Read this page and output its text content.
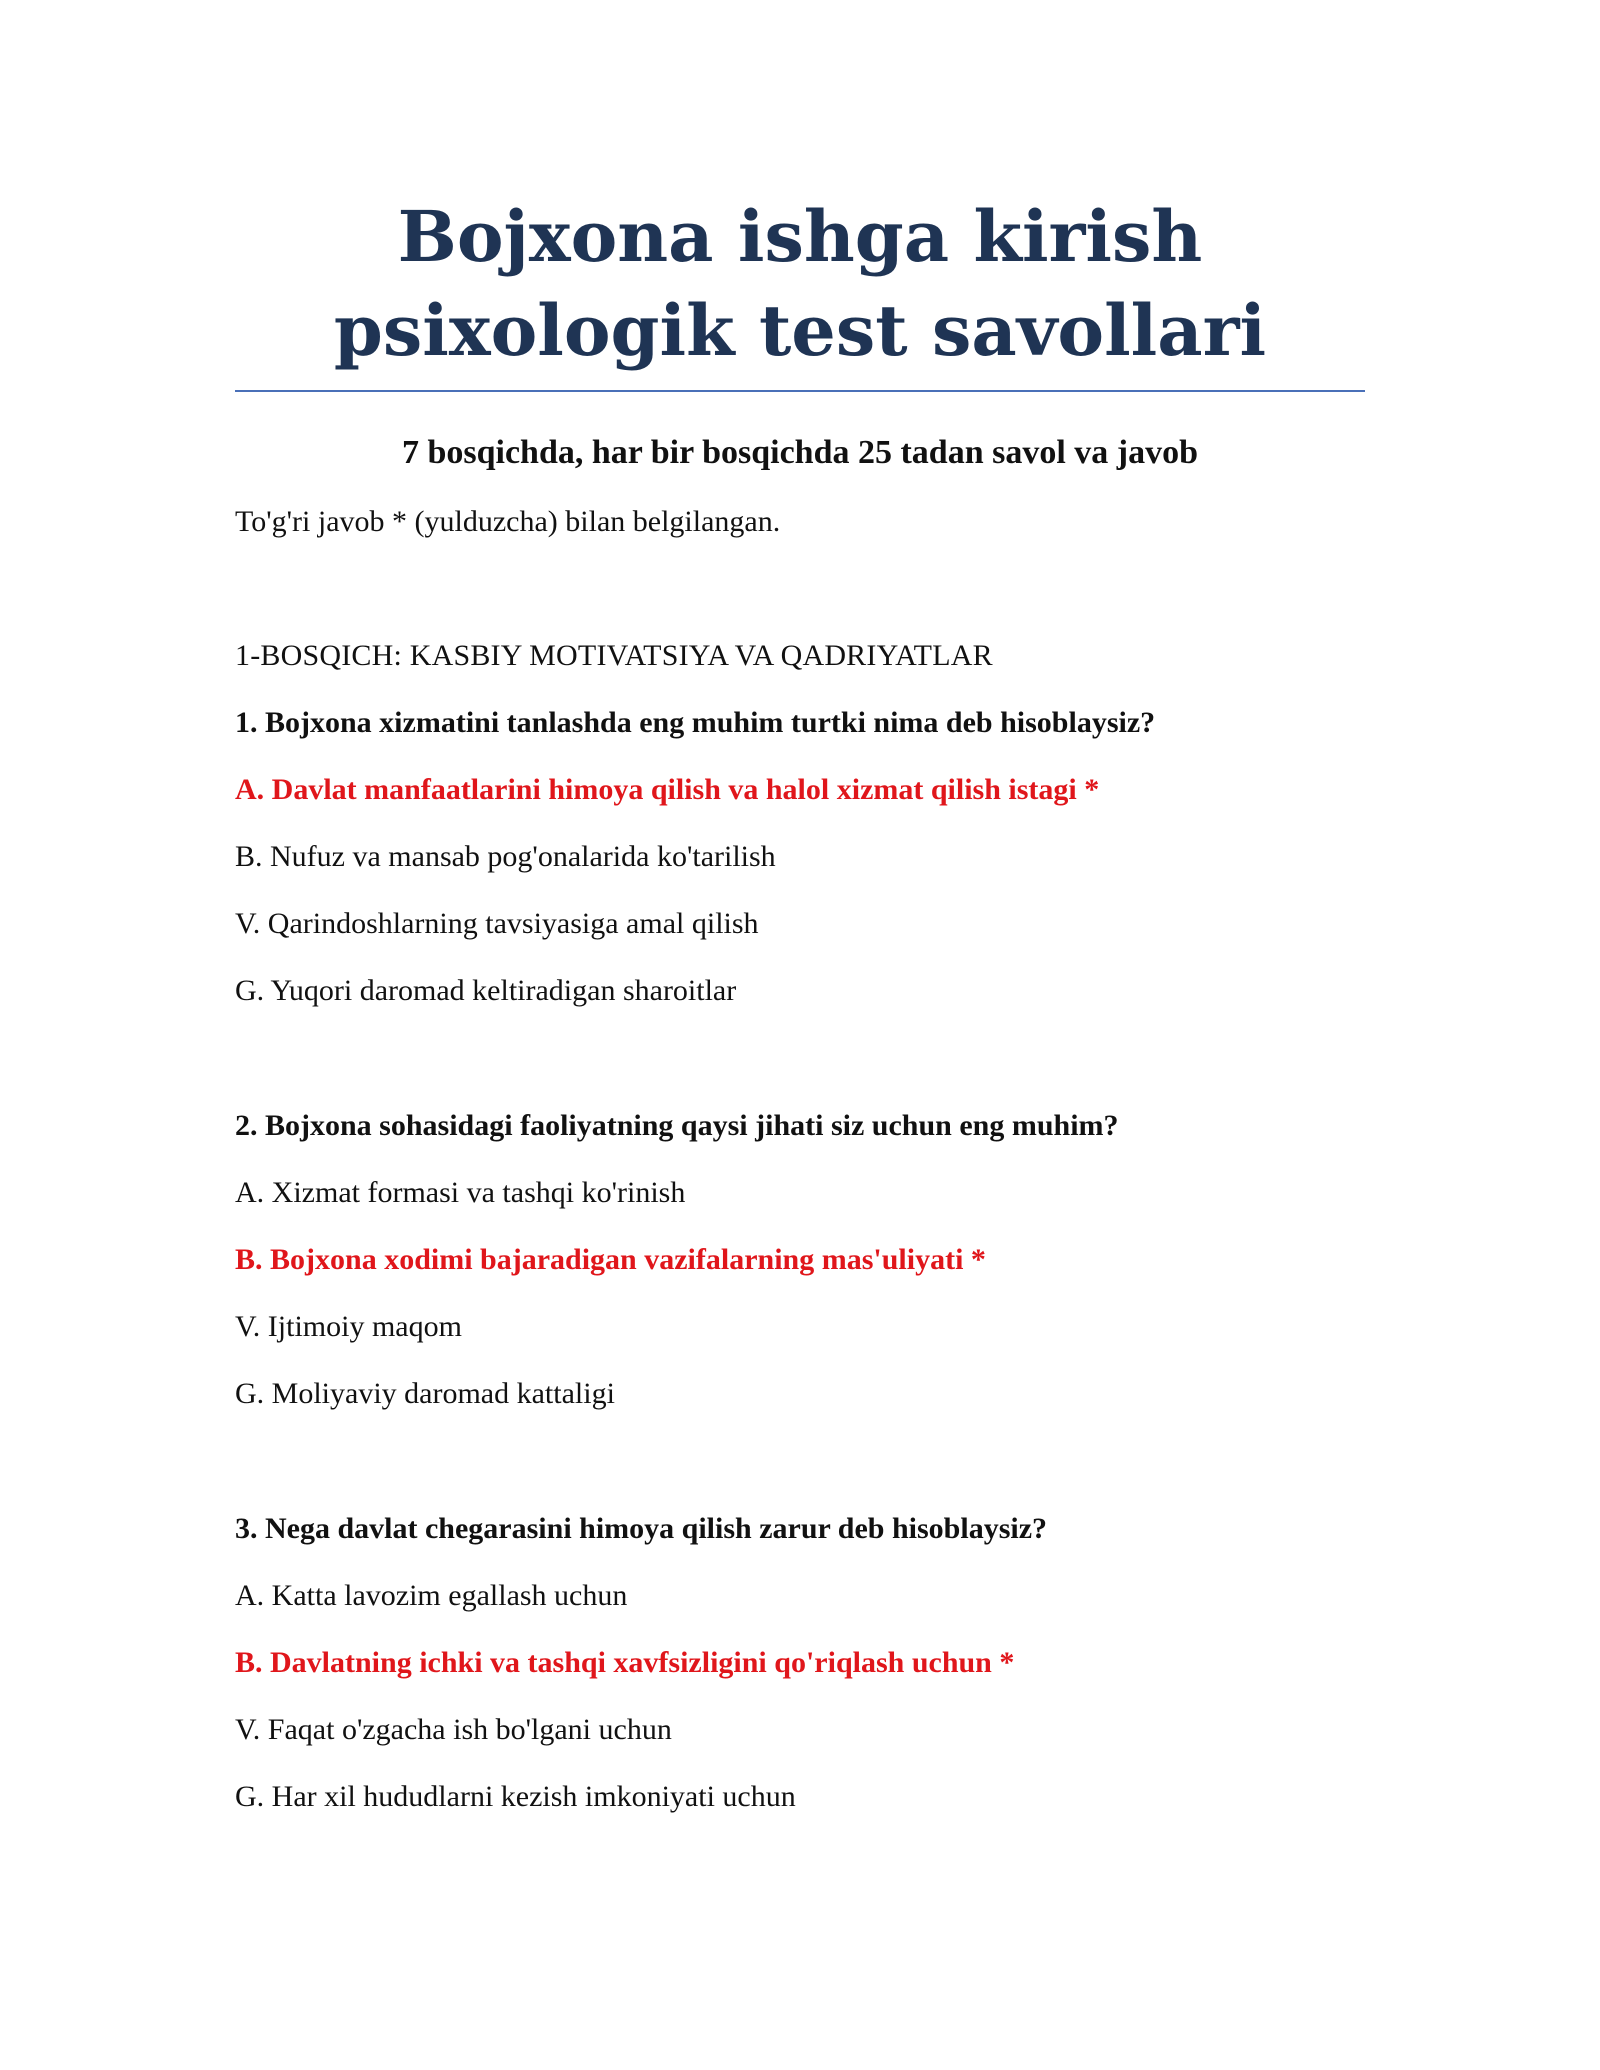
Bojxona ishga kirish psixologik test savollari
7 bosqichda, har bir bosqichda 25 tadan savol va javob
To'g'ri javob * (yulduzcha) bilan belgilangan.
1-BOSQICH: KASBIY MOTIVATSIYA VA QADRIYATLAR
1. Bojxona xizmatini tanlashda eng muhim turtki nima deb hisoblaysiz?
A. Davlat manfaatlarini himoya qilish va halol xizmat qilish istagi *
B. Nufuz va mansab pog'onalarida ko'tarilish
V. Qarindoshlarning tavsiyasiga amal qilish
G. Yuqori daromad keltiradigan sharoitlar
2. Bojxona sohasidagi faoliyatning qaysi jihati siz uchun eng muhim?
A. Xizmat formasi va tashqi ko'rinish
B. Bojxona xodimi bajaradigan vazifalarning mas'uliyati *
V. Ijtimoiy maqom
G. Moliyaviy daromad kattaligi
3. Nega davlat chegarasini himoya qilish zarur deb hisoblaysiz?
A. Katta lavozim egallash uchun
B. Davlatning ichki va tashqi xavfsizligini qo'riqlash uchun *
V. Faqat o'zgacha ish bo'lgani uchun
G. Har xil hududlarni kezish imkoniyati uchun
